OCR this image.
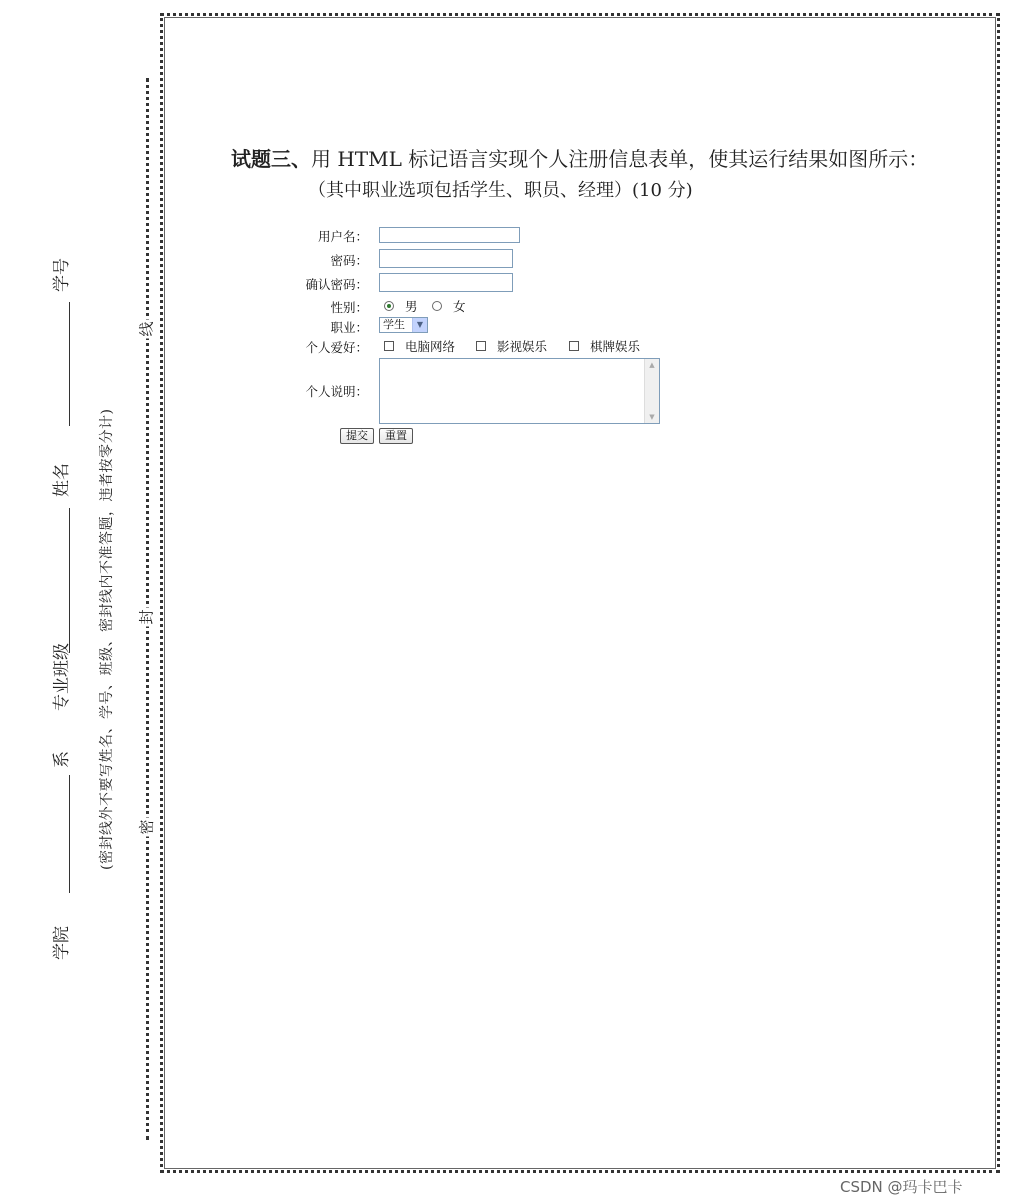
线
封
密
学号
姓名
专业班级
系
学院
(密封线外不要写姓名、学号、班级、密封线内不准答题，违者按零分计)
试题三、用 HTML 标记语言实现个人注册信息表单，使其运行结果如图所示：
（其中职业选项包括学生、职员、经理）(10 分)
用户名：
密码：
确认密码：
性别：	男	女
职业： 学生	▼
个人爱好：	电脑网络	影视娱乐	棋牌娱乐
个人说明：
▲
▼
提交	重置
CSDN @玛卡巴卡
